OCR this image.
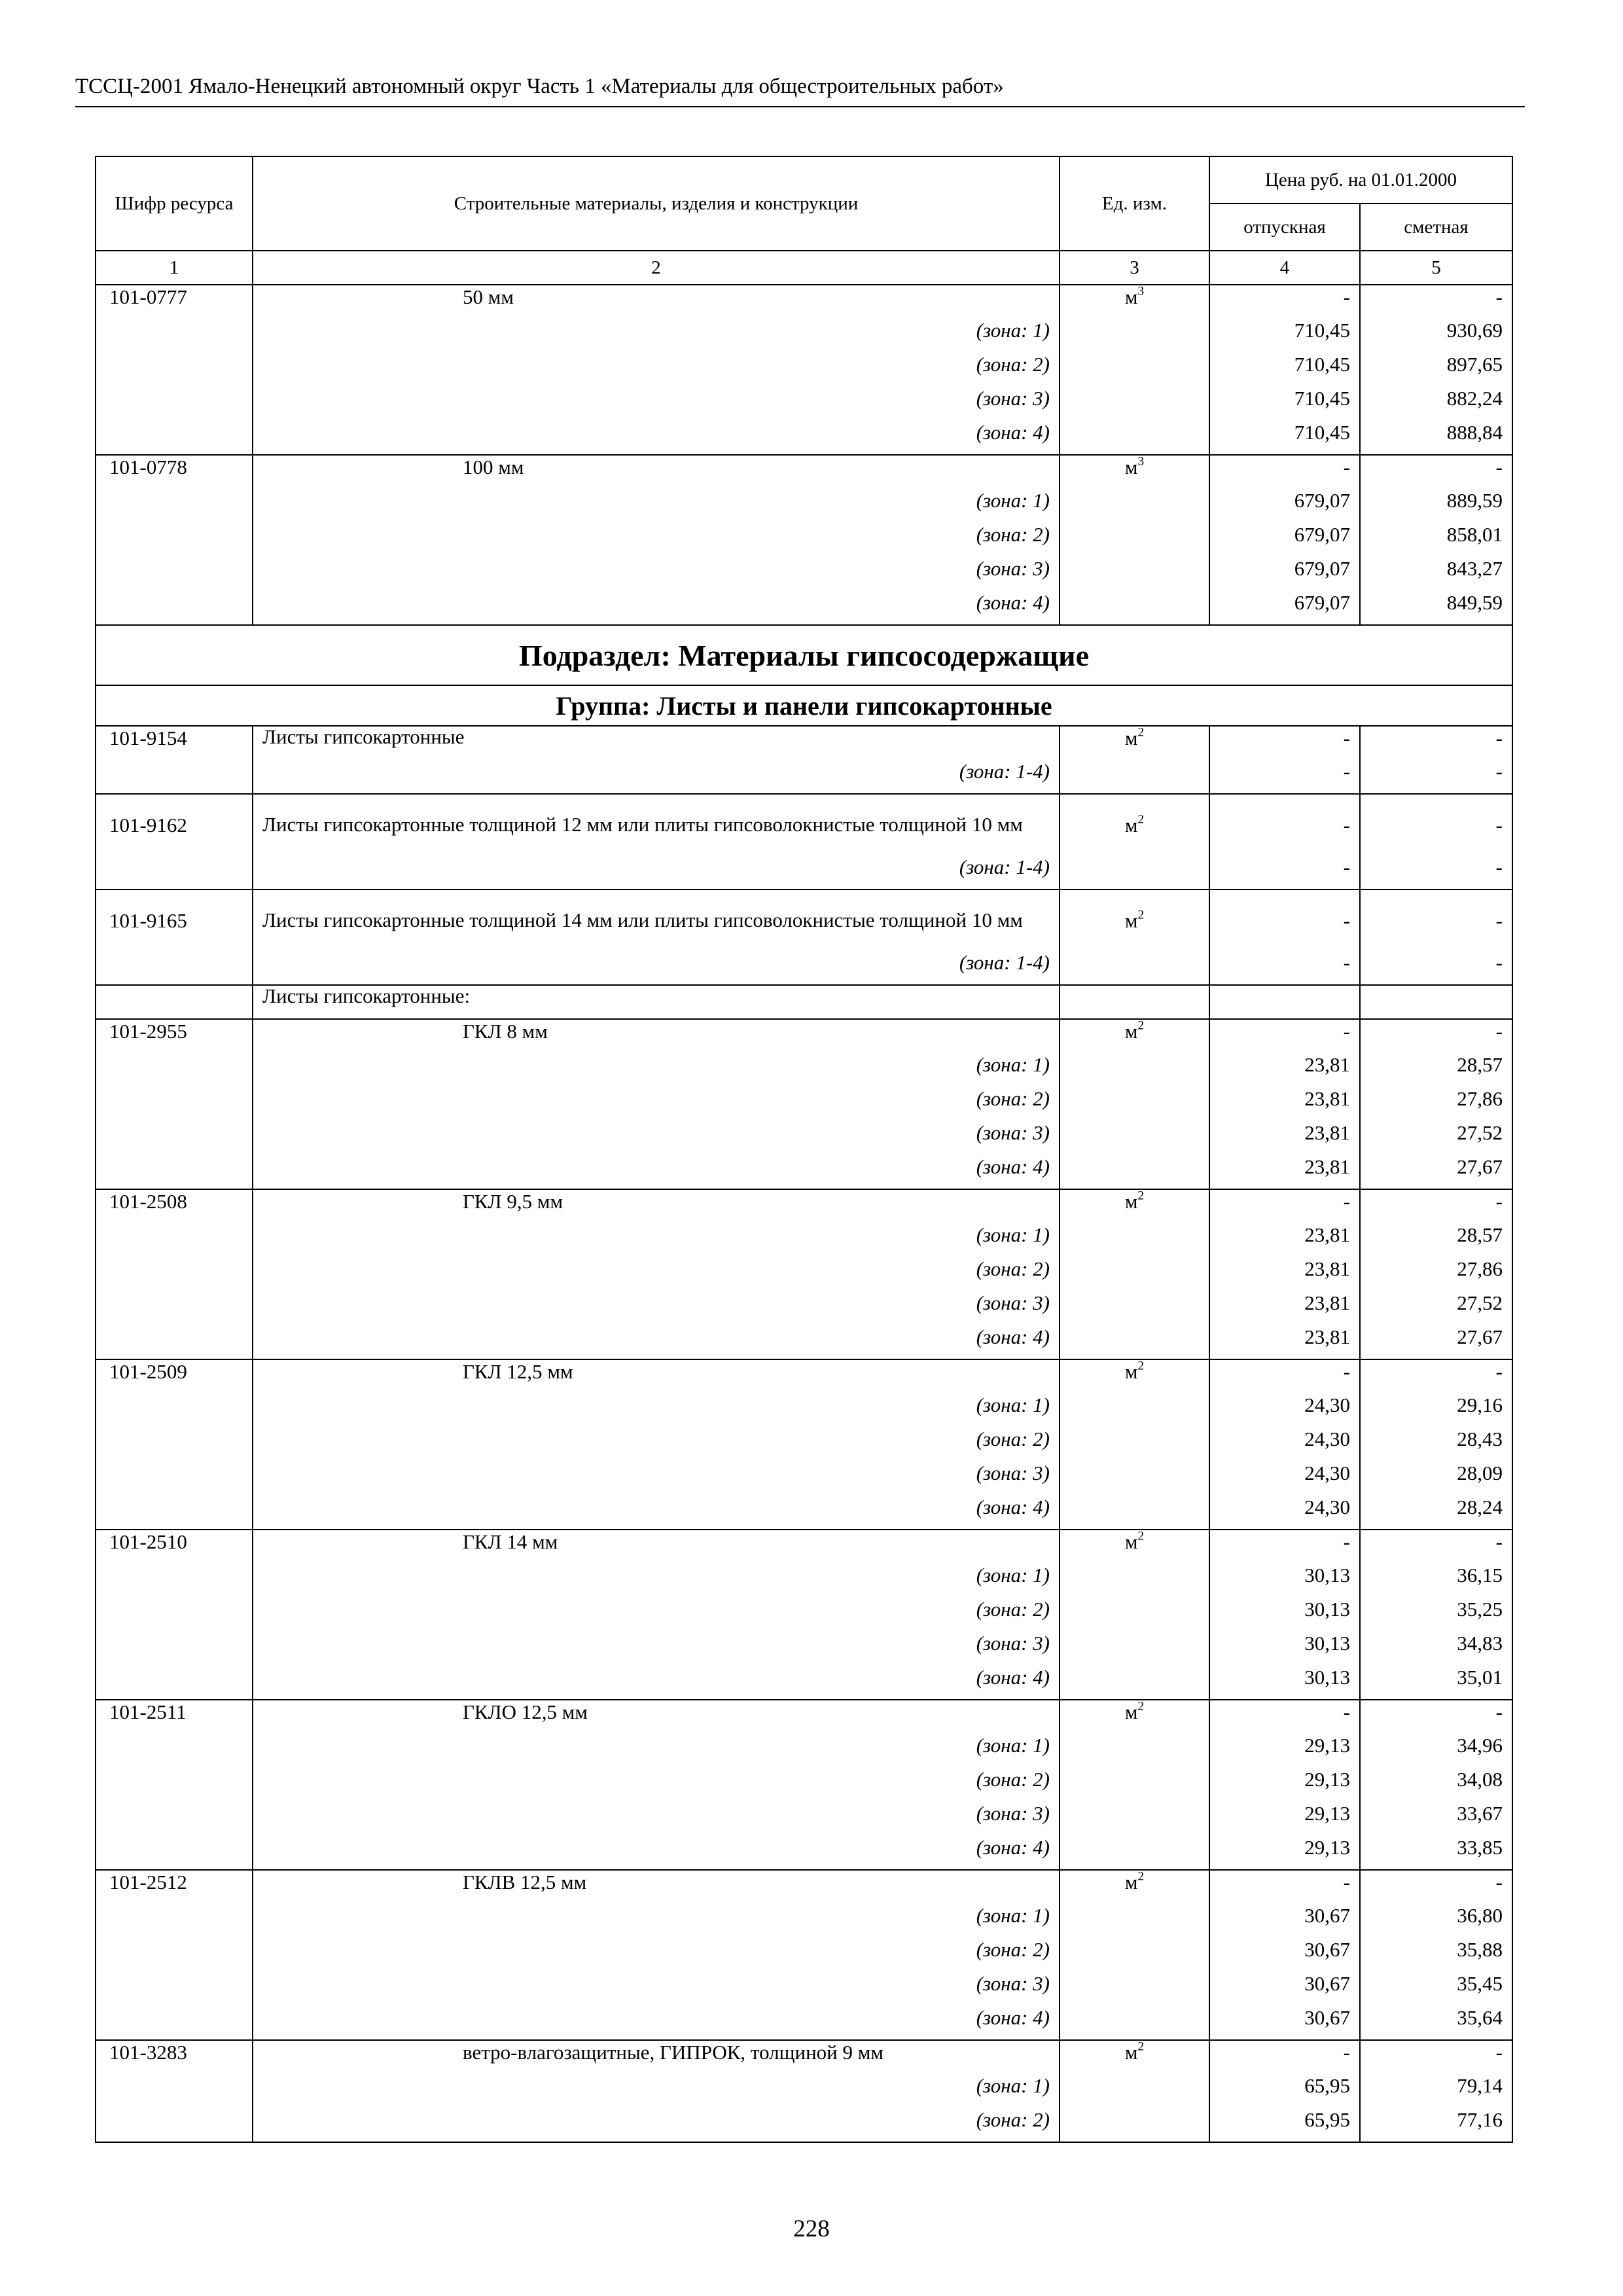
ТССЦ-2001 Ямало-Ненецкий автономный округ Часть 1 «Материалы для общестроительных работ»
Шифр ресурса	Строительные материалы, изделия и конструкции	Ед. изм.	Цена руб. на 01.01.2000	
			отпускная	сметная
1	2	3	4	5
101-0777	50 мм	$м^3$	-	-
	(зона: 1)		710,45	930,69
	(зона: 2)		710,45	897,65
	(зона: 3)		710,45	882,24
	(зона: 4)		710,45	888,84
101-0778	100 мм	$м^3$	-	-
	(зона: 1)		679,07	889,59
	(зона: 2)		679,07	858,01
	(зона: 3)		679,07	843,27
	(зона: 4)		679,07	849,59
Подраздел: Материалы гипсосодержащие				
Группа: Листы и панели гипсокартонные				
101-9154	Листы гипсокартонные	$м^2$	-	-
	(зона: 1-4)		-	-
101-9162	Листы гипсокартонные толщиной 12 мм или плиты гипсоволокнистые толщиной 10 мм	$м^2$	-	-
	(зона: 1-4)		-	-
101-9165	Листы гипсокартонные толщиной 14 мм или плиты гипсоволокнистые толщиной 10 мм	$м^2$	-	-
	(зона: 1-4)		-	-
	Листы гипсокартонные:			
101-2955	ГКЛ 8 мм	$м^2$	-	-
	(зона: 1)		23,81	28,57
	(зона: 2)		23,81	27,86
	(зона: 3)		23,81	27,52
	(зона: 4)		23,81	27,67
101-2508	ГКЛ 9,5 мм	$м^2$	-	-
	(зона: 1)		23,81	28,57
	(зона: 2)		23,81	27,86
	(зона: 3)		23,81	27,52
	(зона: 4)		23,81	27,67
101-2509	ГКЛ 12,5 мм	$м^2$	-	-
	(зона: 1)		24,30	29,16
	(зона: 2)		24,30	28,43
	(зона: 3)		24,30	28,09
	(зона: 4)		24,30	28,24
101-2510	ГКЛ 14 мм	$м^2$	-	-
	(зона: 1)		30,13	36,15
	(зона: 2)		30,13	35,25
	(зона: 3)		30,13	34,83
	(зона: 4)		30,13	35,01
101-2511	ГКЛО 12,5 мм	$м^2$	-	-
	(зона: 1)		29,13	34,96
	(зона: 2)		29,13	34,08
	(зона: 3)		29,13	33,67
	(зона: 4)		29,13	33,85
101-2512	ГКЛВ 12,5 мм	$м^2$	-	-
	(зона: 1)		30,67	36,80
	(зона: 2)		30,67	35,88
	(зона: 3)		30,67	35,45
	(зона: 4)		30,67	35,64
101-3283	ветро-влагозащитные, ГИПРОК, толщиной 9 мм	$м^2$	-	-
	(зона: 1)		65,95	79,14
	(зона: 2)		65,95	77,16
228
